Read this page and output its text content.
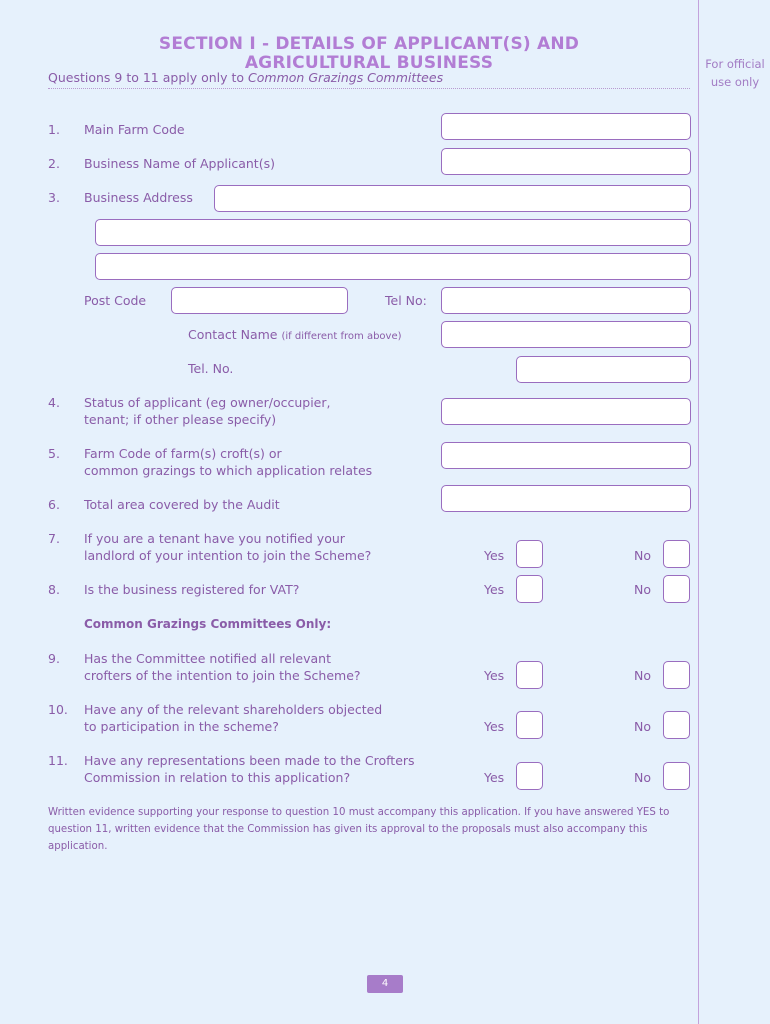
For official
use only
SECTION I - DETAILS OF APPLICANT(S) AND
AGRICULTURAL BUSINESS
Questions 9 to 11 apply only to Common Grazings Committees
1. Main Farm Code
2. Business Name of Applicant(s)
3. Business Address
Post Code	Tel No:
Contact Name (if different from above)
Tel. No.
4. Status of applicant (eg owner/occupier,
tenant; if other please specify)
5. Farm Code of farm(s) croft(s) or
common grazings to which application relates
6. Total area covered by the Audit
7. If you are a tenant have you notified your
landlord of your intention to join the Scheme?	Yes	No
8. Is the business registered for VAT?	Yes	No
Common Grazings Committees Only:
9. Has the Committee notified all relevant
crofters of the intention to join the Scheme?	Yes	No
10. Have any of the relevant shareholders objected
to participation in the scheme?	Yes	No
11. Have any representations been made to the Crofters
Commission in relation to this application?	Yes	No
Written evidence supporting your response to question 10 must accompany this application. If you have answered YES to question 11, written evidence that the Commission has given its approval to the proposals must also accompany this application.
4
